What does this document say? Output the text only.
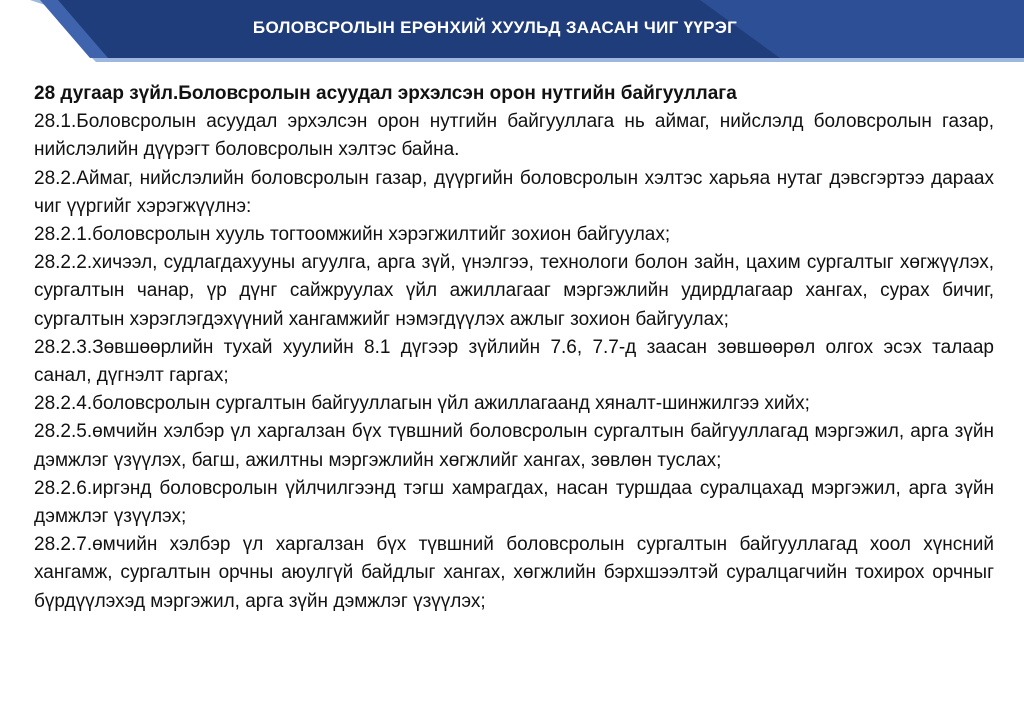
БОЛОВСРОЛЫН ЕРӨНХИЙ ХУУЛЬД ЗААСАН ЧИГ ҮҮРЭГ
28 дугаар зүйл.Боловсролын асуудал эрхэлсэн орон нутгийн байгууллага

28.1.Боловсролын асуудал эрхэлсэн орон нутгийн байгууллага нь аймаг, нийслэлд боловсролын газар, нийслэлийн дүүрэгт боловсролын хэлтэс байна.

28.2.Аймаг, нийслэлийн боловсролын газар, дүүргийн боловсролын хэлтэс харьяа нутаг дэвсгэртээ дараах чиг үүргийг хэрэгжүүлнэ:

28.2.1.боловсролын хууль тогтоомжийн хэрэгжилтийг зохион байгуулах;

28.2.2.хичээл, судлагдахууны агуулга, арга зүй, үнэлгээ, технологи болон зайн, цахим сургалтыг хөгжүүлэх, сургалтын чанар, үр дүнг сайжруулах үйл ажиллагааг мэргэжлийн удирдлагаар хангах, сурах бичиг, сургалтын хэрэглэгдэхүүний хангамжийг нэмэгдүүлэх ажлыг зохион байгуулах;

28.2.3.Зөвшөөрлийн тухай хуулийн 8.1 дүгээр зүйлийн 7.6, 7.7-д заасан зөвшөөрөл олгох эсэх талаар санал, дүгнэлт гаргах;

28.2.4.боловсролын сургалтын байгууллагын үйл ажиллагаанд хяналт-шинжилгээ хийх;

28.2.5.өмчийн хэлбэр үл харгалзан бүх түвшний боловсролын сургалтын байгууллагад мэргэжил, арга зүйн дэмжлэг үзүүлэх, багш, ажилтны мэргэжлийн хөгжлийг хангах, зөвлөн туслах;

28.2.6.иргэнд боловсролын үйлчилгээнд тэгш хамрагдах, насан туршдаа суралцахад мэргэжил, арга зүйн дэмжлэг үзүүлэх;

28.2.7.өмчийн хэлбэр үл харгалзан бүх түвшний боловсролын сургалтын байгууллагад хоол хүнсний хангамж, сургалтын орчны аюулгүй байдлыг хангах, хөгжлийн бэрхшээлтэй суралцагчийн тохирох орчныг бүрдүүлэхэд мэргэжил, арга зүйн дэмжлэг үзүүлэх;
